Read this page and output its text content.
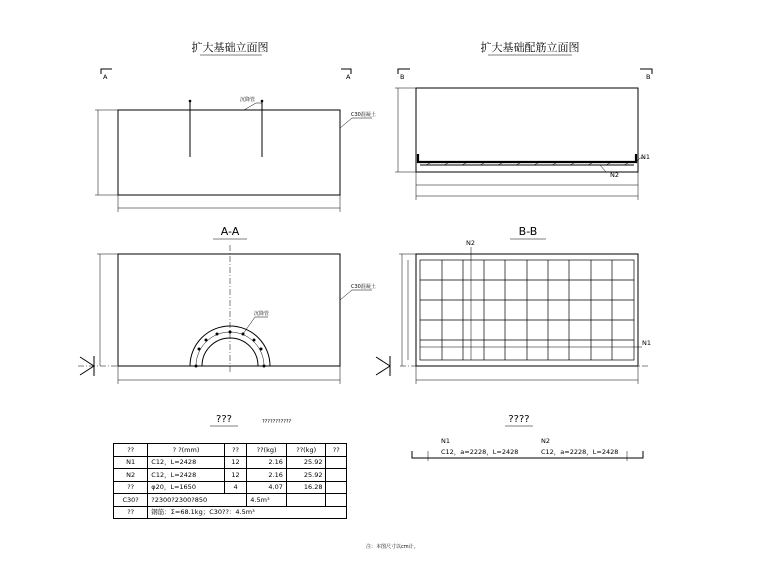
扩大基础立面图
A	A
沉降管
C30混凝土
扩大基础配筋立面图
B	B
N1
N2
A-A
沉降管
C30混凝土
B-B
N2
N1
???	???????????	????
N1
C12，a=2228，L=2428
N2
C12，a=2228，L=2428
注：本图尺寸以cm计。
??	? ?(mm)	??	??(kg)	??(kg)	??
N1	C12，L=2428	12	2.16	25.92	
N2	C12，L=2428	12	2.16	25.92	
??	φ20，L=1650	4	4.07	16.28	
C30?	?2300?2300?850		4.5m³		
??	钢筋：Σ=68.1kg；C30??：4.5m³				
